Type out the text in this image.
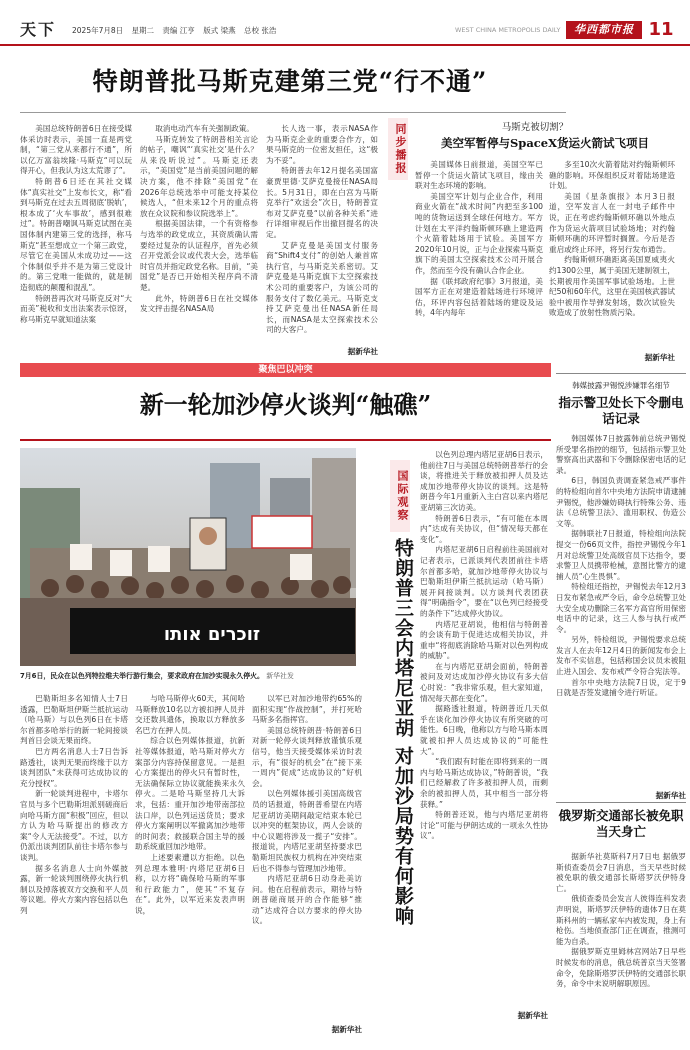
天下 2025年7月8日 星期二 责编 江亨 版式 梁燕 总校 张浩	WEST CHINA METROPOLIS DAILY	华西都市报 11
特朗普批马斯克建第三党“行不通”

美国总统特朗普6日在接受媒体采访时表示，美国一直是两党制，“第三党从来都行不通”，所以亿万富翁埃隆·马斯克“可以玩得开心，但我认为这太荒谬了”。

特朗普6日还在其社交媒体“真实社交”上发布长文，称“看到马斯克在过去五周彻底‘脱轨’，根本成了‘火车事故’，感到很难过”。特朗普嘲讽马斯克试图在美国体制内建第三党的选择，称马斯克“甚至想成立一个第三政党，尽管它在美国从未成功过——这个体制似乎并不是为第三党设计的。第三党唯一能做的，就是制造彻底的颠覆和混乱”。

特朗普再次对马斯克反对“大而美”税收和支出法案表示惊讶，称马斯克早就知道法案

取消电动汽车有关强制政策。

马斯克转发了特朗普相关言论的帖子，嘲讽“‘真实社交’是什么？从来没听说过”。马斯克还表示，“美国党”是当前美国问题的解决方案，他不排除“美国党”在2026年总统选举中可能支持某位候选人，“但未来12个月的重点将放在众议院和参议院选举上”。

根据美国法律，一个有资格参与选举的政党成立，其资质确认需要经过复杂的认证程序，首先必须召开党派会议或代表大会，选举临时官员并指定政党名称。目前，“美国党”是否已开始相关程序尚不清楚。

此外，特朗普6日在社交媒体发文抨击提名NASA局

长人选一事，表示NASA作为马斯克企业的重要合作方，如果马斯克的一位密友担任，这“极为不妥”。

特朗普去年12月提名美国富豪贾里德·艾萨克曼接任NASA局长。5月31日，即在白宫为马斯克举行“欢送会”次日，特朗普宣布对艾萨克曼“以前各种关系”进行详细审视后作出撤回提名的决定。

艾萨克曼是美国支付服务商“Shift4支付”的创始人兼首席执行官，与马斯克关系密切。艾萨克曼是马斯克旗下太空探索技术公司的重要客户，为该公司的服务支付了数亿美元。马斯克支持艾萨克曼出任NASA新任局长，而NASA是太空探索技术公司的大客户。

据新华社
同步播报	马斯克被切割？
美空军暂停与SpaceX货运火箭试飞项目

美国媒体日前报道，美国空军已暂停一个货运火箭试飞项目，缘由关联对生态环境的影响。

美国空军计划与企业合作，利用商业火箭在“战术时间”内把至多100吨的货物运送到全球任何地方。军方计划在太平洋约翰斯顿环礁上建造两个火箭着陆场用于试验。美国军方2020年10月说，正与企业探索马斯克旗下的美国太空探索技术公司开展合作，然而至今没有确认合作企业。

据《联邦政府纪事》3月报道，美国军方正在对建造着陆场进行环境评估，环评内容包括着陆场的建设及运转，4年内每年

多至10次火箭着陆对约翰斯顿环礁的影响。环保组织反对着陆场建造计划。

美国《星条旗报》本月3日报道，空军发言人在一封电子邮件中说，正在考虑约翰斯顿环礁以外地点作为货运火箭项目试验场地；对约翰斯顿环礁的环评暂时搁置。今后是否重启或终止环评，将另行发布通告。

约翰斯顿环礁距离美国夏威夷火约1300公里，属于美国无建制领土，长期被用作美国军事试验场地。上世纪50和60年代，这里在美国核武器试验中被用作导弹发射场，数次试验失败造成了放射性物质污染。

据新华社
聚焦巴以冲突
新一轮加沙停火谈判“触礁”
זוכרים אותו
7月6日，民众在以色列特拉维夫举行游行集会，要求政府在加沙实现永久停火。 新华社发

巴勒斯坦多名知情人士7日透露，巴勒斯坦伊斯兰抵抗运动（哈马斯）与以色列6日在卡塔尔首都多哈举行的新一轮间接谈判首日会谈无果而终。

巴方两名消息人士7日告诉路透社，谈判无果而终缘于以方谈判团队“未获得可达成协议的充分授权”。

新一轮谈判进程中，卡塔尔官员与多个巴勒斯坦派别磋商后向哈马斯方面“积极”回应，但以方认为哈马斯提出的修改方案“令人无法接受”。不过，以方仍派出谈判团队前往卡塔尔参与谈判。

据多名消息人士向外媒披露，新一轮谈判围绕停火执行机制以及掉落被双方交换和平人员等议题。停火方案内容包括以色列

与哈马斯停火60天，其间哈马斯释放10名以方被扣押人员并交还数具遗体，换取以方释放多名巴方在押人员。

综合以色列媒体报道，抗新社等媒体报道，哈马斯对停火方案部分内容持保留意见。一是担心方案提出的停火只有暂时性，无法确保际立协议就能换来永久停火。二是哈马斯坚持几大诉求，包括：重开加沙地带南部拉法口岸，以色列运送货员；要求停火方案阐明以军撤离加沙地带的时间表；救援联合国主导的援助系统重回加沙地带。

上述要素遭以方拒绝。以色列总理本雅明·内塔尼亚胡6日称，以方将“确保哈马斯的军事和行政能力”，使其“不复存在”。此外，以军近来发表声明说，

以军已对加沙地带约65%的面积实现“作战控制”，并打死哈马斯多名指挥官。

美国总统特朗普·特朗普6日对新一轮停火谈判释放谨慎乐观信号，他当天接受媒体采访时表示，有“很好的机会”在“接下来一周内”促成“达成协议的”好机会。

以色列媒体援引美国高级官员的话报道，特朗普希望在内塔尼亚胡访美期间敲定结束本轮已以冲突的框架协议，两人会谈的中心议题将涉及一揽子“安排”。报道说，内塔尼亚胡坚持要求巴勒斯坦民族权力机构在冲突结束后也不得参与管理加沙地带。

内塔尼亚胡6日动身赴美访问。他在启程前表示，期待与特朗普磋商展开的合作能够“推动”达成符合以方要求的停火协议。

据新华社
国际观察
特朗普三会内塔尼亚胡 对加沙局势有何影响

以色列总理内塔尼亚胡6日表示，他前往7日与美国总统特朗普举行的会谈，将推进关于释放被扣押人员及达成加沙地带停火协议的谈判。这是特朗普今年1月重新入主白宫以来内塔尼亚胡第三次访美。

特朗普6日表示，“有可能在本周内”达成有关协议，但“情况每天都在变化”。

内塔尼亚胡6日启程前往美国前对记者表示，已派谈判代表团前往卡塔尔首都多哈，就加沙地带停火协议与巴勒斯坦伊斯兰抵抗运动（哈马斯）展开间接谈判。以方谈判代表团获得“明确指令”，要在“以色列已经接受的条件下”达成停火协议。

内塔尼亚胡说，他相信与特朗普的会谈有助于促进达成相关协议，并重申“将彻底消除哈马斯对以色列构成的威胁”。

在与内塔尼亚胡会面前，特朗普被问及对达成加沙停火协议有多大信心时说：“我非常乐观，但大家知道，情况每天都在变化”。

据路透社报道，特朗普近几天似乎在谈化加沙停火协议有所突破的可能性。6日晚，他称以方与哈马斯本周就被扣押人员达成协议的“可能性大”。

“我们跟有时能在即将到来的一周内与哈马斯达成协议，”特朗普说，“我们已经解救了许多被扣押人员，而剩余的被扣押人员，其中相当一部分将获释。”

特朗普还说，他与内塔尼亚胡将讨论“可能与伊朗达成的一项永久性协议”。

据新华社
韩媒披露尹锡悦涉嫌罪名细节
指示警卫处长下令删电话记录

韩国媒体7日披露韩前总统尹锡悦所受罪名指控的细节，包括指示警卫处警察高出武器和下令删除保密电话的记录。

6日，韩国负责调查紧急戒严事件的特检组向首尔中央地方法院申请逮捕尹锡悦，他涉嫌妨碍执行特殊公务、违法《总统警卫法》、滥用职权、伪造公文等。

据韩联社7日报道，特检组向法院提交一份66页文件，指控尹锡悦今年1月对总统警卫处高级官员下达指令，要求警卫人员携带枪械，意图比警方的逮捕人员“心生畏惧”。

特检组还指控，尹锡悦去年12月3日发布紧急戒严令后，命令总统警卫处大安全成功删除三名军方高官所用保密电话中的记录，这三人参与执行戒严令。

另外，特检组说，尹锡悦要求总统发言人在去年12月4日的新闻发布会上发布不实信息，包括称国会议员未被阻止进入国会、发布戒严令符合宪法等。

首尔中央地方法院7日说，定于9日就是否签发逮捕令进行听证。

据新华社
俄罗斯交通部长被免职当天身亡

据新华社莫斯科7月7日电 据俄罗斯侦查委员会7日消息，当天早些时候被免职的俄交通部长斯塔罗沃伊特身亡。

俄侦查委员会发言人彼得连科发表声明说，斯塔罗沃伊特的遗体7日在莫斯科州的一辆私家车内被发现，身上有枪伤。当地侦查部门正在调查，推测可能为自杀。

据俄罗斯克里姆林宫网站7日早些时候发布的消息，俄总统普京当天签署命令，免除斯塔罗沃伊特的交通部长职务，命令中未说明解职原因。
